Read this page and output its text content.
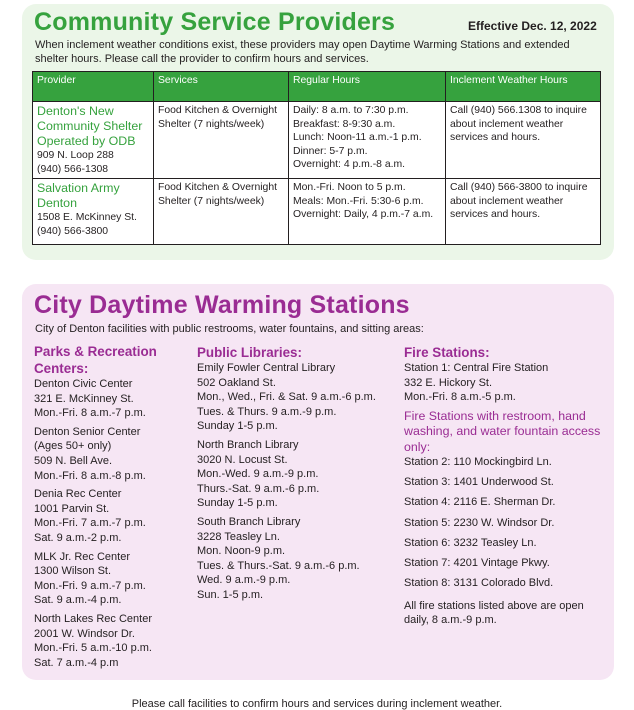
Community Service Providers	Effective Dec. 12, 2022
When inclement weather conditions exist, these providers may open Daytime Warming Stations and extended shelter hours. Please call the provider to confirm hours and services.
Provider	Services	Regular Hours	Inclement Weather Hours

Denton's New Community Shelter Operated by ODB
909 N. Loop 288
(940) 566-1308	Food Kitchen & Overnight Shelter (7 nights/week)	Daily: 8 a.m. to 7:30 p.m.
Breakfast: 8-9:30 a.m.
Lunch: Noon-11 a.m.-1 p.m.
Dinner: 5-7 p.m.
Overnight: 4 p.m.-8 a.m.	Call (940) 566.1308 to inquire about inclement weather services and hours.

Salvation Army Denton
1508 E. McKinney St.
(940) 566-3800	Food Kitchen & Overnight Shelter (7 nights/week)	Mon.-Fri. Noon to 5 p.m.
Meals: Mon.-Fri. 5:30-6 p.m.
Overnight: Daily, 4 p.m.-7 a.m.	Call (940) 566-3800 to inquire about inclement weather services and hours.
City Daytime Warming Stations
City of Denton facilities with public restrooms, water fountains, and sitting areas:
Parks & Recreation Centers:
Denton Civic Center
321 E. McKinney St.
Mon.-Fri. 8 a.m.-7 p.m.
Denton Senior Center
(Ages 50+ only)
509 N. Bell Ave.
Mon.-Fri. 8 a.m.-8 p.m.
Denia Rec Center
1001 Parvin St.
Mon.-Fri. 7 a.m.-7 p.m.
Sat. 9 a.m.-2 p.m.
MLK Jr. Rec Center
1300 Wilson St.
Mon.-Fri. 9 a.m.-7 p.m.
Sat. 9 a.m.-4 p.m.
North Lakes Rec Center
2001 W. Windsor Dr.
Mon.-Fri. 5 a.m.-10 p.m.
Sat. 7 a.m.-4 p.m
Public Libraries:
Emily Fowler Central Library
502 Oakland St.
Mon., Wed., Fri. & Sat. 9 a.m.-6 p.m.
Tues. & Thurs. 9 a.m.-9 p.m.
Sunday 1-5 p.m.
North Branch Library
3020 N. Locust St.
Mon.-Wed. 9 a.m.-9 p.m.
Thurs.-Sat. 9 a.m.-6 p.m.
Sunday 1-5 p.m.
South Branch Library
3228 Teasley Ln.
Mon. Noon-9 p.m.
Tues. & Thurs.-Sat. 9 a.m.-6 p.m.
Wed. 9 a.m.-9 p.m.
Sun. 1-5 p.m.
Fire Stations:
Station 1: Central Fire Station
332 E. Hickory St.
Mon.-Fri. 8 a.m.-5 p.m.
Fire Stations with restroom, hand washing, and water fountain access only:
Station 2: 110 Mockingbird Ln.
Station 3: 1401 Underwood St.
Station 4: 2116 E. Sherman Dr.
Station 5: 2230 W. Windsor Dr.
Station 6: 3232 Teasley Ln.
Station 7: 4201 Vintage Pkwy.
Station 8: 3131 Colorado Blvd.
All fire stations listed above are open daily, 8 a.m.-9 p.m.
Please call facilities to confirm hours and services during inclement weather.
